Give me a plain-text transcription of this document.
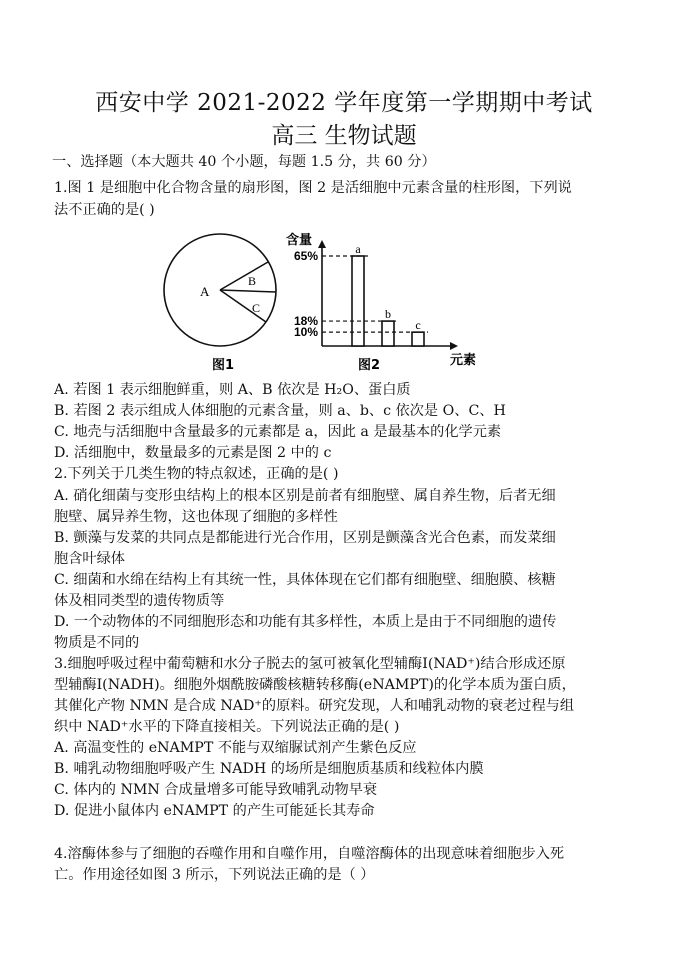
西安中学 2021-2022 学年度第一学期期中考试
高三 生物试题
一、选择题（本大题共 40 个小题，每题 1.5 分，共 60 分）
1.图 1 是细胞中化合物含量的扇形图，图 2 是活细胞中元素含量的柱形图，下列说
法不正确的是( )
A
B
C
图1
含量
元素
65%	a
18%	b
10%	c
图2
A. 若图 1 表示细胞鲜重，则 A、B 依次是 H₂O、蛋白质
B. 若图 2 表示组成人体细胞的元素含量，则 a、b、c 依次是 O、C、H
C. 地壳与活细胞中含量最多的元素都是 a，因此 a 是最基本的化学元素
D. 活细胞中，数量最多的元素是图 2 中的 c
2.下列关于几类生物的特点叙述，正确的是( )
A. 硝化细菌与变形虫结构上的根本区别是前者有细胞壁、属自养生物，后者无细
胞壁、属异养生物，这也体现了细胞的多样性
B. 颤藻与发菜的共同点是都能进行光合作用，区别是颤藻含光合色素，而发菜细
胞含叶绿体
C. 细菌和水绵在结构上有其统一性，具体体现在它们都有细胞壁、细胞膜、核糖
体及相同类型的遗传物质等
D. 一个动物体的不同细胞形态和功能有其多样性，本质上是由于不同细胞的遗传
物质是不同的
3.细胞呼吸过程中葡萄糖和水分子脱去的氢可被氧化型辅酶Ⅰ(NAD⁺)结合形成还原
型辅酶Ⅰ(NADH)。细胞外烟酰胺磷酸核糖转移酶(eNAMPT)的化学本质为蛋白质，
其催化产物 NMN 是合成 NAD⁺的原料。研究发现，人和哺乳动物的衰老过程与组
织中 NAD⁺水平的下降直接相关。下列说法正确的是( )
A. 高温变性的 eNAMPT 不能与双缩脲试剂产生紫色反应
B. 哺乳动物细胞呼吸产生 NADH 的场所是细胞质基质和线粒体内膜
C. 体内的 NMN 合成量增多可能导致哺乳动物早衰
D. 促进小鼠体内 eNAMPT 的产生可能延长其寿命
4.溶酶体参与了细胞的吞噬作用和自噬作用，自噬溶酶体的出现意味着细胞步入死
亡。作用途径如图 3 所示，下列说法正确的是（ ）
